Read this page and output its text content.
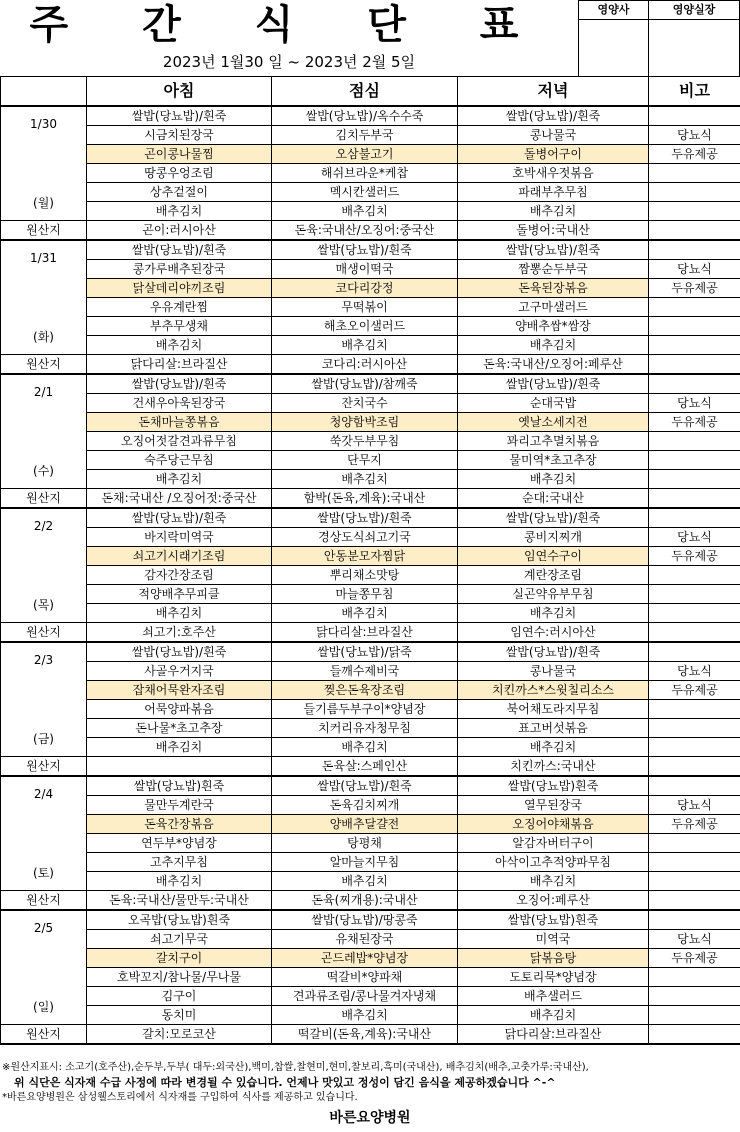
주 간 식 단 표
2023년 1월30 일 ~ 2023년 2월 5일
영양사	영양실장
	아침	점심	저녁	비고

1/30	쌀밥(당뇨밥)/흰죽	쌀밥(당뇨밥)/옥수수죽	쌀밥(당뇨밥)/흰죽	
	시금치된장국	김치두부국	콩나물국	당뇨식
	곤이콩나물찜	오삼불고기	돌병어구이	두유제공
	땅콩우엉조림	해쉬브라운*케찹	호박새우젓볶음	

(월)	상추겉절이	멕시칸샐러드	파래부추무침	
	배추김치	배추김치	배추김치	
원산지	곤이:러시아산	돈육:국내산/오징어:중국산	돌병어:국내산	

1/31	쌀밥(당뇨밥)/흰죽	쌀밥(당뇨밥)/흰죽	쌀밥(당뇨밥)/흰죽	
	콩가루배추된장국	매생이떡국	짬뽕순두부국	당뇨식
	닭살데리야끼조림	코다리강정	돈육된장볶음	두유제공
	우유계란찜	무떡볶이	고구마샐러드	

(화)	부추무생채	해초오이샐러드	양배추쌈*쌈장	
	배추김치	배추김치	배추김치	
원산지	닭다리살:브라질산	코다리:러시아산	돈육:국내산/오징어:페루산	

2/1	쌀밥(당뇨밥)/흰죽	쌀밥(당뇨밥)/참깨죽	쌀밥(당뇨밥)/흰죽	
	건새우아욱된장국	잔치국수	순대국밥	당뇨식
	돈채마늘쫑볶음	청양함박조림	옛날소세지전	두유제공
	오징어젓갈견과류무침	쑥갓두부무침	꽈리고추멸치볶음	

(수)	숙주당근무침	단무지	물미역*초고추장	
	배추김치	배추김치	배추김치	
원산지	돈채:국내산 /오징어젓:중국산	함박(돈육,계육):국내산	순대:국내산	

2/2	쌀밥(당뇨밥)/흰죽	쌀밥(당뇨밥)/흰죽	쌀밥(당뇨밥)/흰죽	
	바지락미역국	경상도식쇠고기국	콩비지찌개	당뇨식
	쇠고기시래기조림	안동분모자찜닭	임연수구이	두유제공
	감자간장조림	뿌리채소맛탕	계란장조림	

(목)	적양배추무피클	마늘쫑무침	실곤약유부무침	
	배추김치	배추김치	배추김치	
원산지	쇠고기:호주산	닭다리살:브라질산	임연수:러시아산	

2/3	쌀밥(당뇨밥)/흰죽	쌀밥(당뇨밥)/닭죽	쌀밥(당뇨밥)/흰죽	
	사골우거지국	들깨수제비국	콩나물국	당뇨식
	잡채어묵완자조림	찢은돈육장조림	치킨까스*스윗칠리소스	두유제공
	어묵양파볶음	들기름두부구이*양념장	북어채도라지무침	

(금)	돈나물*초고추장	치커리유자청무침	표고버섯볶음	
	배추김치	배추김치	배추김치	
원산지		돈육살:스페인산	치킨까스:국내산	

2/4	쌀밥(당뇨밥)흰죽	쌀밥(당뇨밥)/흰죽	쌀밥(당뇨밥)흰죽	
	물만두계란국	돈육김치찌개	열무된장국	당뇨식
	돈육간장볶음	양배추달걀전	오징어야채볶음	두유제공
	연두부*양념장	탕평채	알감자버터구이	

(토)	고추지무침	알마늘지무침	아삭이고추적양파무침	
	배추김치	배추김치	배추김치	
원산지	돈육:국내산/물만두:국내산	돈육(찌개용):국내산	오징어:페루산	

2/5	오곡밥(당뇨밥)흰죽	쌀밥(당뇨밥)/땅콩죽	쌀밥(당뇨밥)흰죽	
	쇠고기무국	유채된장국	미역국	당뇨식
	갈치구이	곤드레밥*양념장	닭볶음탕	두유제공
	호박꼬지/참나물/무나물	떡갈비*양파채	도토리묵*양념장	

(일)	김구이	견과류조림/콩나물겨자냉채	배추샐러드	
	동치미	배추김치	배추김치	
원산지	갈치:모로코산	떡갈비(돈육,계육):국내산	닭다리살:브라질산	
※원산지표시: 소고기(호주산),순두부,두부( 대두:외국산),백미,찹쌀,찰현미,현미,찰보리,흑미(국내산), 배추김치(배추,고춧가루:국내산),
위 식단은 식자재 수급 사정에 따라 변경될 수 있습니다. 언제나 맛있고 정성이 담긴 음식을 제공하겠습니다 ^-^
*바른요양병원은 삼성웰스토리에서 식자재를 구입하여 식사를 제공하고 있습니다.
바른요양병원
